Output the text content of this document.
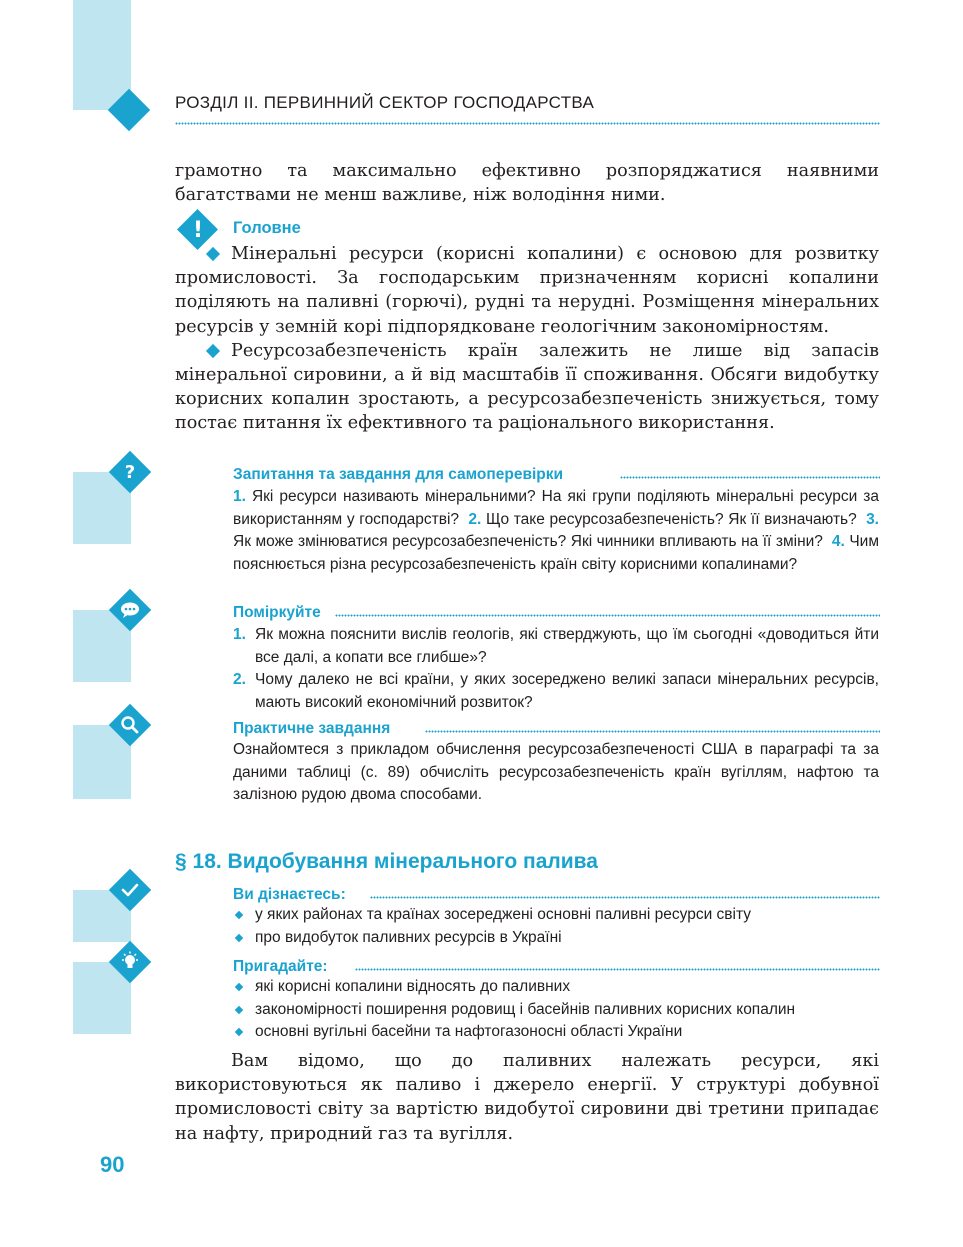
РОЗДІЛ ІІ. ПЕРВИННИЙ СЕКТОР ГОСПОДАРСТВА

грамотно та максимально ефективно розпоряджатися наявними багатствами не менш важливе, ніж володіння ними.

!	Головне

Мінеральні ресурси (корисні копалини) є основою для розвитку промисловості. За господарським призначенням корисні копалини поділяють на паливні (горючі), рудні та нерудні. Розміщення мінеральних ресурсів у земній корі підпорядковане геологічним закономірностям.

Ресурсозабезпеченість країн залежить не лише від запасів мінеральної сировини, а й від масштабів її споживання. Обсяги видобутку корисних копалин зростають, а ресурсозабезпеченість знижується, тому постає питання їх ефективного та раціонального використання.

?	Запитання та завдання для самоперевірки
1. Які ресурси називають мінеральними? На які групи поділяють мінеральні ресурси за використанням у господарстві? 2. Що таке ресурсозабезпеченість? Як її визначають? 3. Як може змінюватися ресурсозабезпеченість? Які чинники впливають на її зміни? 4. Чим пояснюється різна ресурсозабезпеченість країн світу корисними копалинами?
Поміркуйте
1. Як можна пояснити вислів геологів, які стверджують, що їм сьогодні «доводиться йти все далі, а копати все глибше»?
2. Чому далеко не всі країни, у яких зосереджено великі запаси мінеральних ресурсів, мають високий економічний розвиток?
Практичне завдання
Ознайомтеся з прикладом обчислення ресурсозабезпеченості США в параграфі та за даними таблиці (с. 89) обчисліть ресурсозабезпеченість країн вугіллям, нафтою та залізною рудою двома способами.
§ 18. Видобування мінерального палива
Ви дізнаєтесь:
у яких районах та країнах зосереджені основні паливні ресурси світу
про видобуток паливних ресурсів в Україні
Пригадайте:
які корисні копалини відносять до паливних
закономірності поширення родовищ і басейнів паливних корисних копалин
основні вугільні басейни та нафтогазоносні області України

Вам відомо, що до паливних належать ресурси, які використовуються як паливо і джерело енергії. У структурі добувної промисловості світу за вартістю видобутої сировини дві третини припадає на нафту, природний газ та вугілля.

90
